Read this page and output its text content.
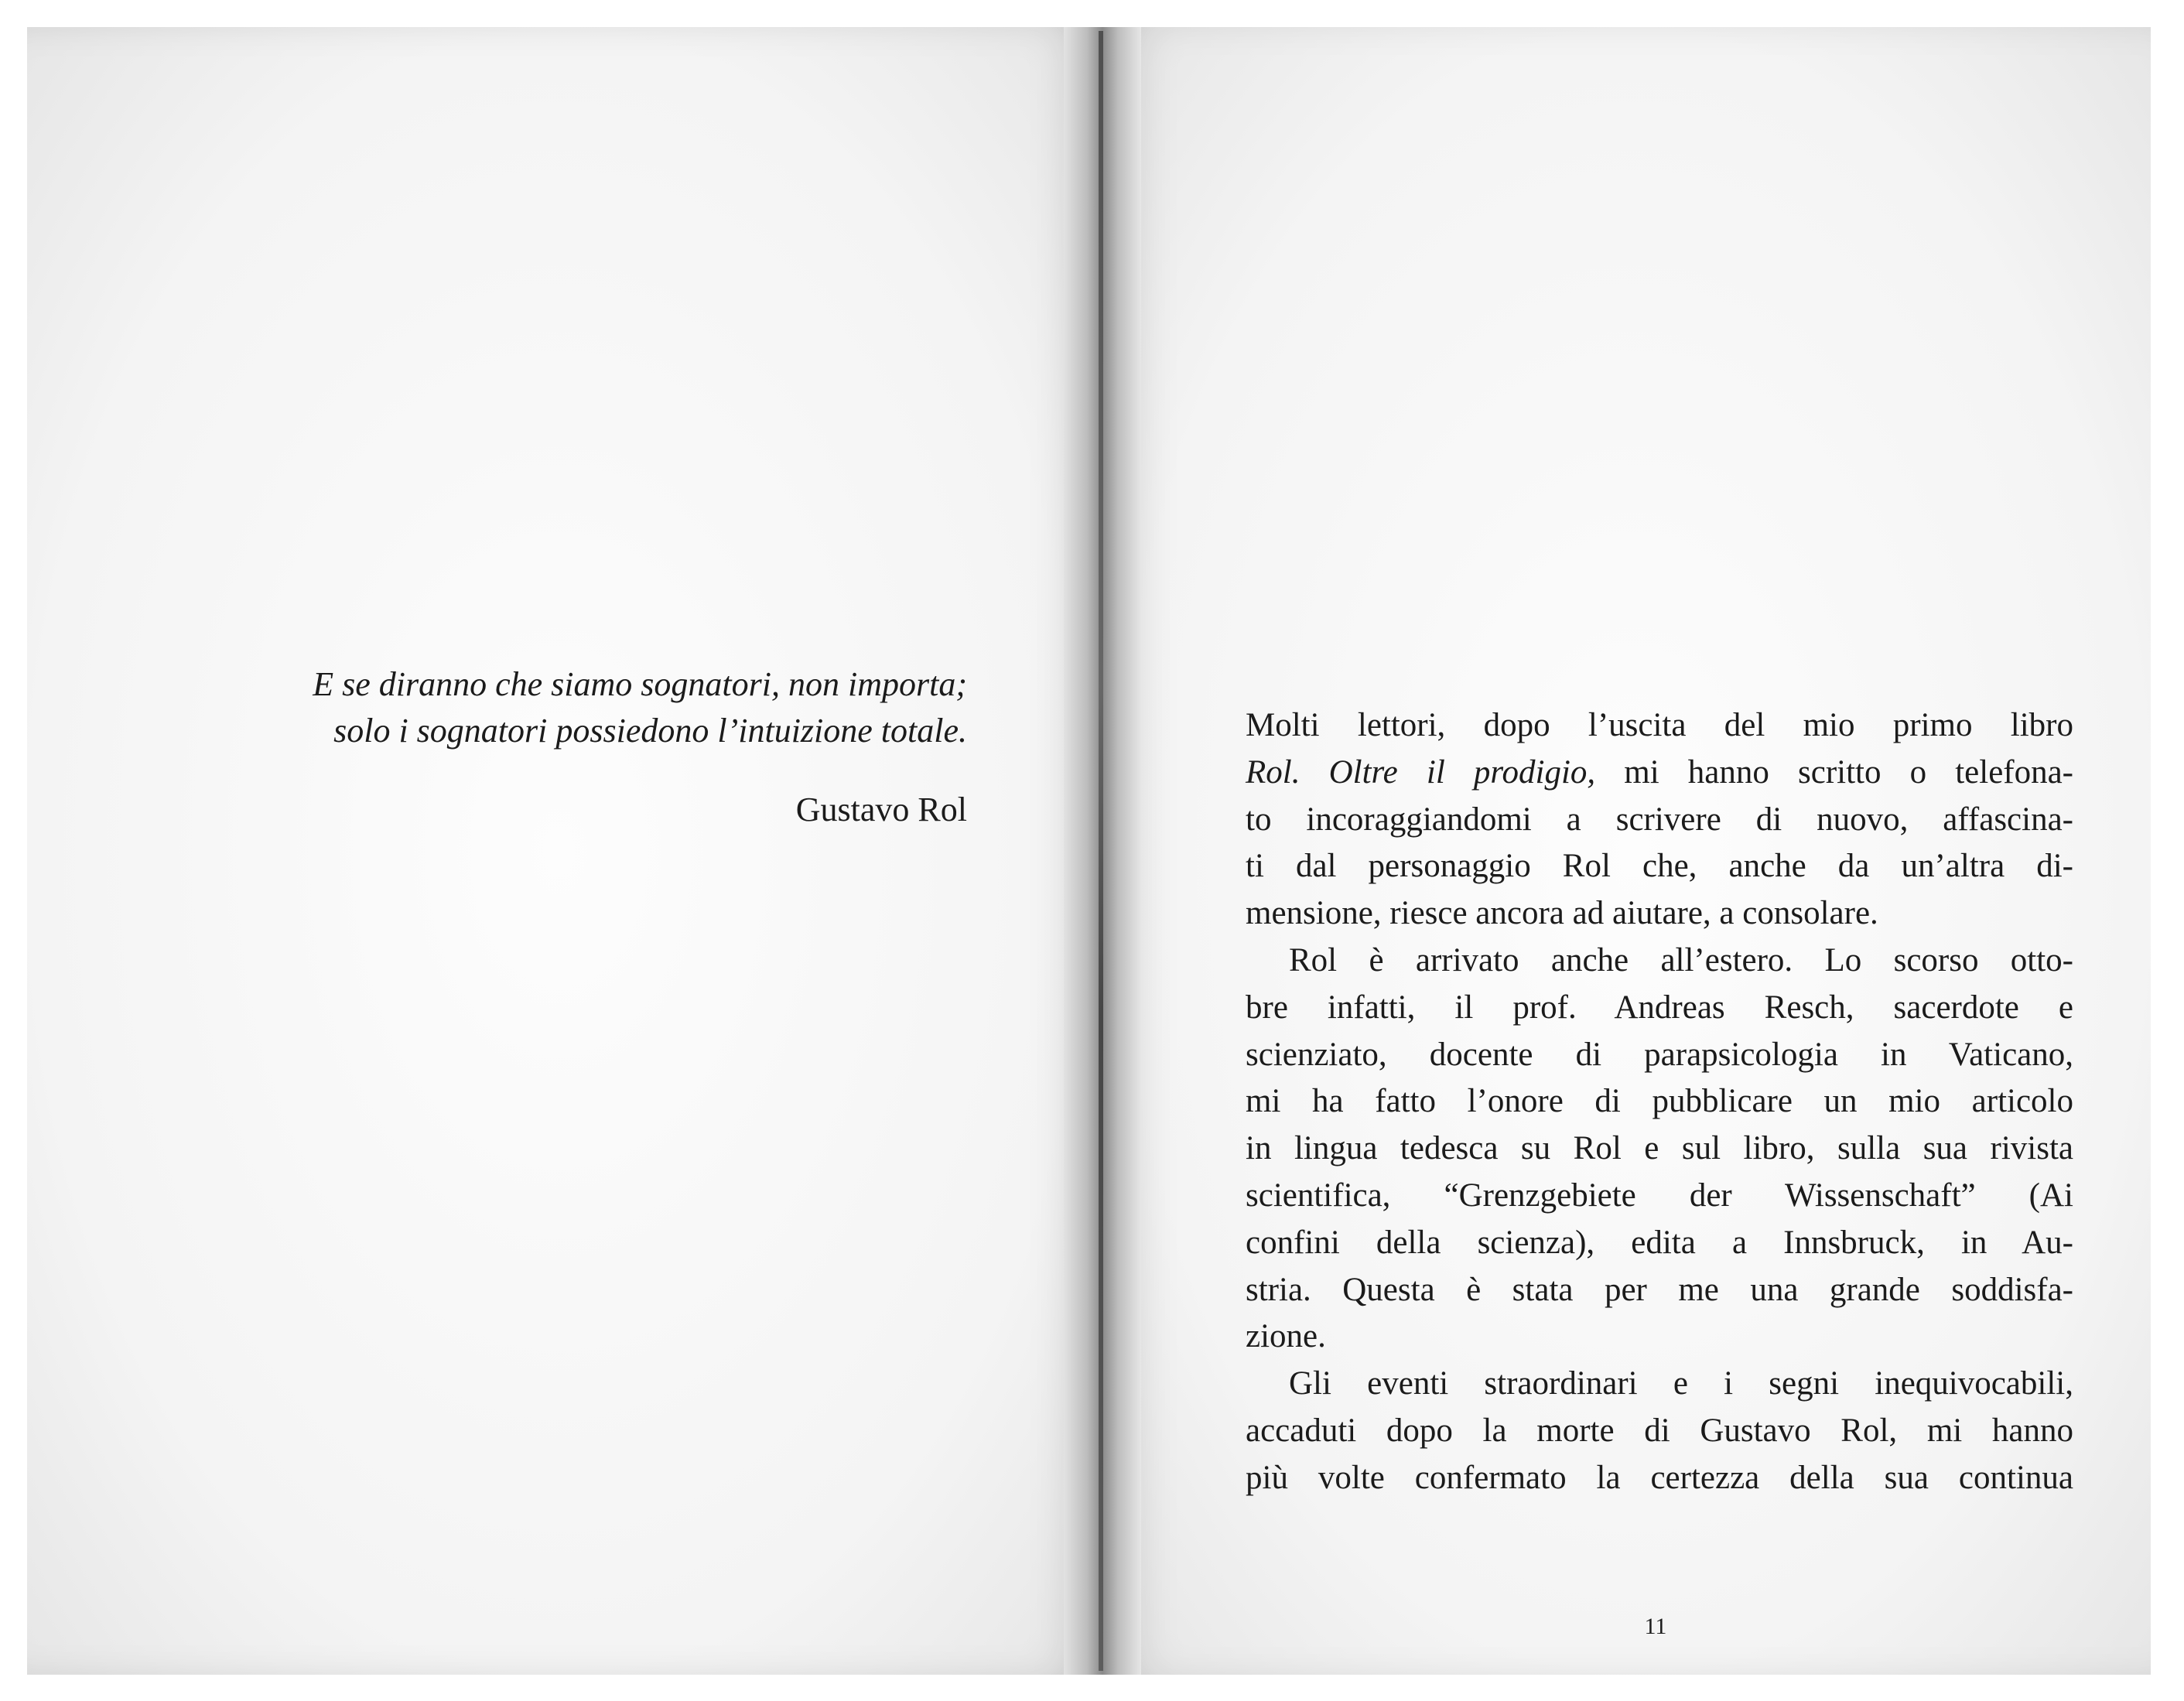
E se diranno che siamo sognatori, non importa;
solo i sognatori possiedono l’intuizione totale.
Gustavo Rol
Molti lettori, dopo l’uscita del mio primo libro
Rol. Oltre il prodigio, mi hanno scritto o telefona-
to incoraggiandomi a scrivere di nuovo, affascina-
ti dal personaggio Rol che, anche da un’altra di-
mensione, riesce ancora ad aiutare, a consolare.
Rol è arrivato anche all’estero. Lo scorso otto-
bre infatti, il prof. Andreas Resch, sacerdote e
scienziato, docente di parapsicologia in Vaticano,
mi ha fatto l’onore di pubblicare un mio articolo
in lingua tedesca su Rol e sul libro, sulla sua rivista
scientifica, “Grenzgebiete der Wissenschaft” (Ai
confini della scienza), edita a Innsbruck, in Au-
stria. Questa è stata per me una grande soddisfa-
zione.
Gli eventi straordinari e i segni inequivocabili,
accaduti dopo la morte di Gustavo Rol, mi hanno
più volte confermato la certezza della sua continua
11
